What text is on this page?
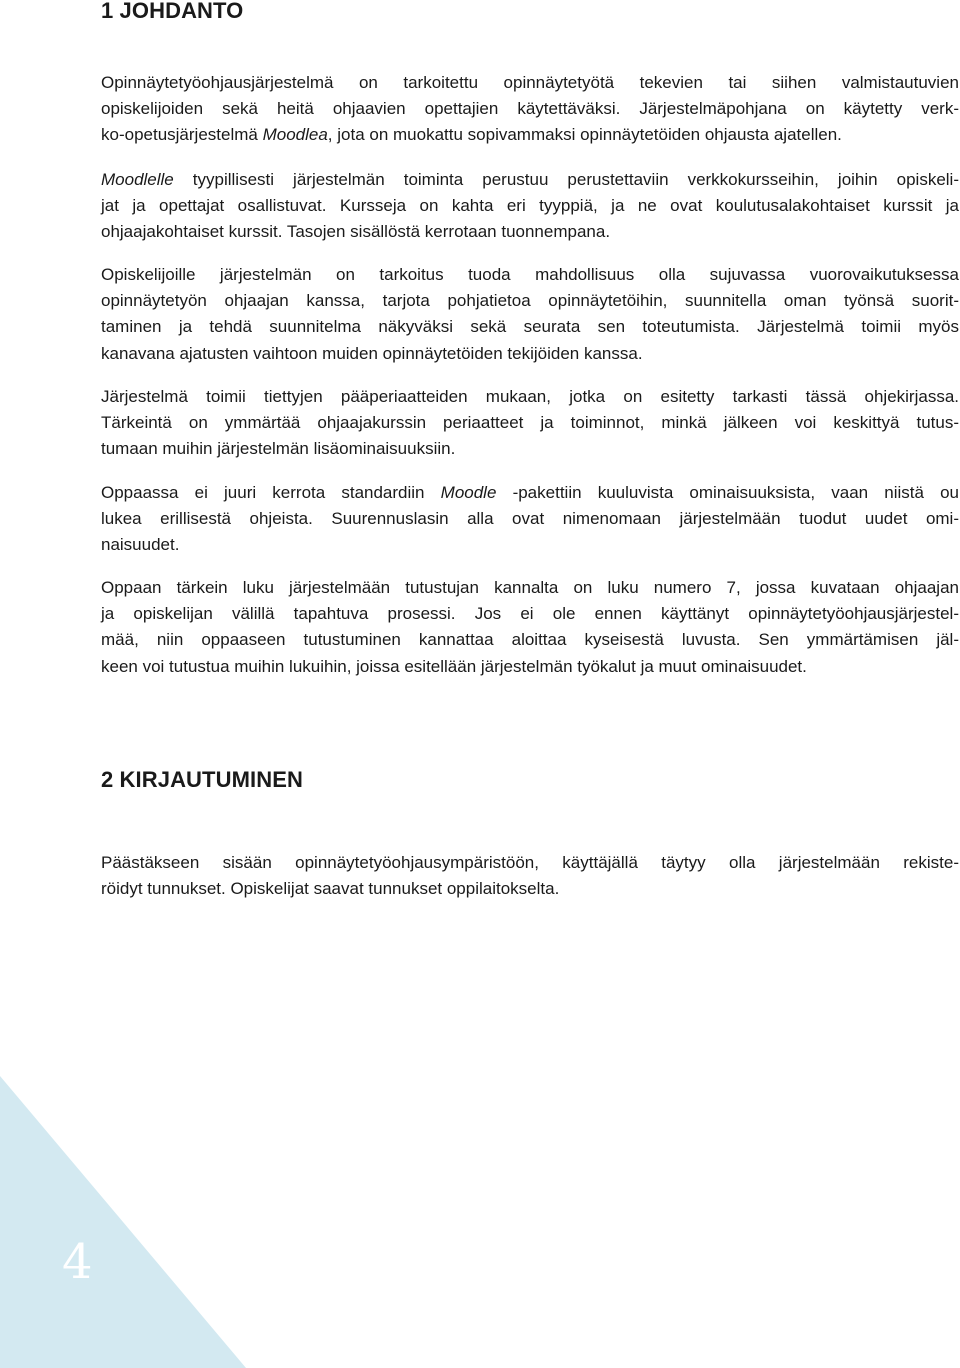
4
1 JOHDANTO

Opinnäytetyöohjausjärjestelmä on tarkoitettu opinnäytetyötä tekevien tai siihen valmistautuvien
opiskelijoiden sekä heitä ohjaavien opettajien käytettäväksi. Järjestelmäpohjana on käytetty verk-
ko-opetusjärjestelmä Moodlea, jota on muokattu sopivammaksi opinnäytetöiden ohjausta ajatellen.

Moodlelle tyypillisesti järjestelmän toiminta perustuu perustettaviin verkkokursseihin, joihin opiskeli-
jat ja opettajat osallistuvat. Kursseja on kahta eri tyyppiä, ja ne ovat koulutusalakohtaiset kurssit ja
ohjaajakohtaiset kurssit. Tasojen sisällöstä kerrotaan tuonnempana.

Opiskelijoille järjestelmän on tarkoitus tuoda mahdollisuus olla sujuvassa vuorovaikutuksessa
opinnäytetyön ohjaajan kanssa, tarjota pohjatietoa opinnäytetöihin, suunnitella oman työnsä suorit-
taminen ja tehdä suunnitelma näkyväksi sekä seurata sen toteutumista. Järjestelmä toimii myös
kanavana ajatusten vaihtoon muiden opinnäytetöiden tekijöiden kanssa.

Järjestelmä toimii tiettyjen pääperiaatteiden mukaan, jotka on esitetty tarkasti tässä ohjekirjassa.
Tärkeintä on ymmärtää ohjaajakurssin periaatteet ja toiminnot, minkä jälkeen voi keskittyä tutus-
tumaan muihin järjestelmän lisäominaisuuksiin.

Oppaassa ei juuri kerrota standardiin Moodle -pakettiin kuuluvista ominaisuuksista, vaan niistä ou
lukea erillisestä ohjeista. Suurennuslasin alla ovat nimenomaan järjestelmään tuodut uudet omi-
naisuudet.

Oppaan tärkein luku järjestelmään tutustujan kannalta on luku numero 7, jossa kuvataan ohjaajan
ja opiskelijan välillä tapahtuva prosessi. Jos ei ole ennen käyttänyt opinnäytetyöohjausjärjestel-
mää, niin oppaaseen tutustuminen kannattaa aloittaa kyseisestä luvusta. Sen ymmärtämisen jäl-
keen voi tutustua muihin lukuihin, joissa esitellään järjestelmän työkalut ja muut ominaisuudet.

2 KIRJAUTUMINEN

Päästäkseen sisään opinnäytetyöohjausympäristöön, käyttäjällä täytyy olla järjestelmään rekiste-
röidyt tunnukset. Opiskelijat saavat tunnukset oppilaitokselta.
